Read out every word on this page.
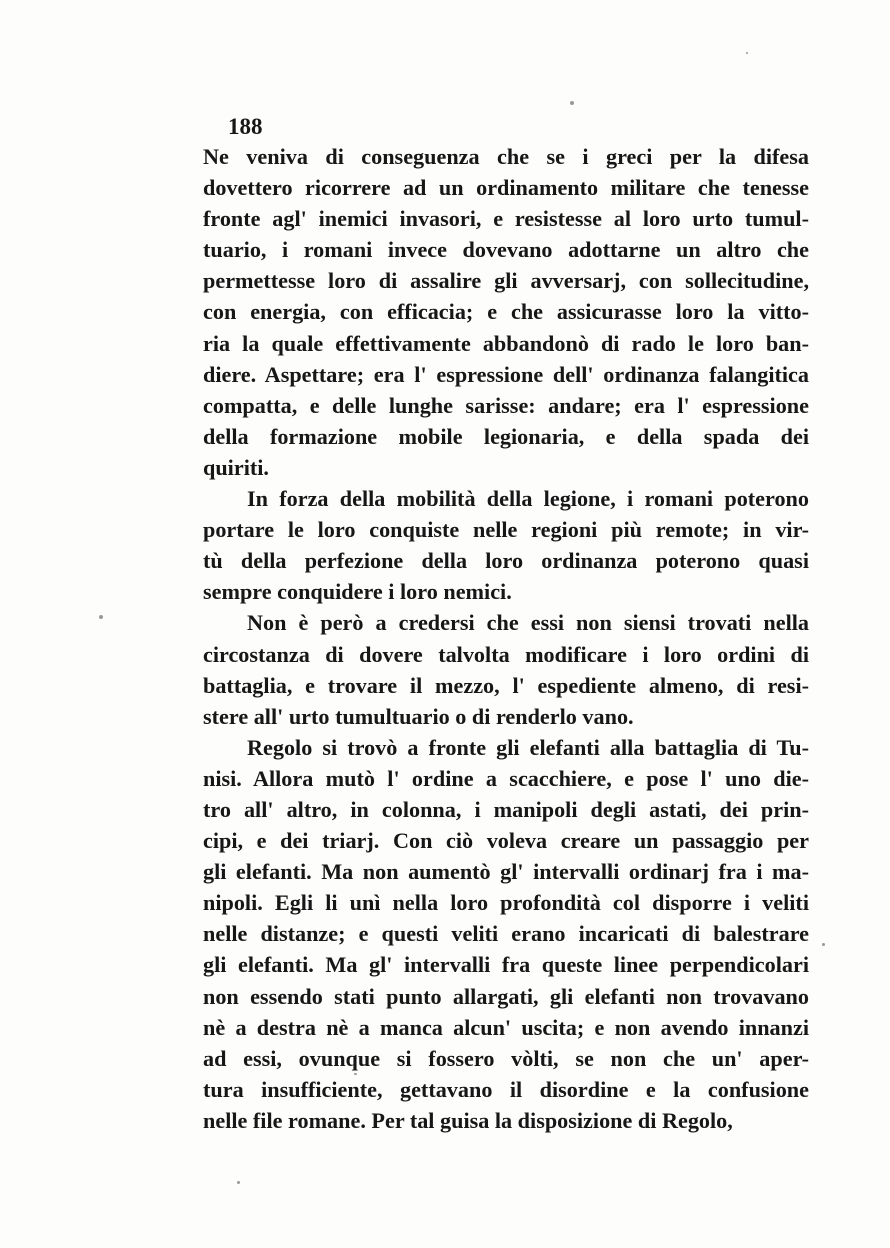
188
Ne veniva di conseguenza che se i greci per la difesa
dovettero ricorrere ad un ordinamento militare che tenesse
fronte agl' inemici invasori, e resistesse al loro urto tumul-
tuario, i romani invece dovevano adottarne un altro che
permettesse loro di assalire gli avversarj, con sollecitudine,
con energia, con efficacia; e che assicurasse loro la vitto-
ria la quale effettivamente abbandonò di rado le loro ban-
diere. Aspettare; era l' espressione dell' ordinanza falangitica
compatta, e delle lunghe sarisse: andare; era l' espressione
della formazione mobile legionaria, e della spada dei
quiriti.
In forza della mobilità della legione, i romani poterono
portare le loro conquiste nelle regioni più remote; in vir-
tù della perfezione della loro ordinanza poterono quasi
sempre conquidere i loro nemici.
Non è però a credersi che essi non siensi trovati nella
circostanza di dovere talvolta modificare i loro ordini di
battaglia, e trovare il mezzo, l' espediente almeno, di resi-
stere all' urto tumultuario o di renderlo vano.
Regolo si trovò a fronte gli elefanti alla battaglia di Tu-
nisi. Allora mutò l' ordine a scacchiere, e pose l' uno die-
tro all' altro, in colonna, i manipoli degli astati, dei prin-
cipi, e dei triarj. Con ciò voleva creare un passaggio per
gli elefanti. Ma non aumentò gl' intervalli ordinarj fra i ma-
nipoli. Egli li unì nella loro profondità col disporre i veliti
nelle distanze; e questi veliti erano incaricati di balestrare
gli elefanti. Ma gl' intervalli fra queste linee perpendicolari
non essendo stati punto allargati, gli elefanti non trovavano
nè a destra nè a manca alcun' uscita; e non avendo innanzi
ad essi, ovunque si fossero vòlti, se non che un' aper-
tura insufficiente, gettavano il disordine e la confusione
nelle file romane. Per tal guisa la disposizione di Regolo,
